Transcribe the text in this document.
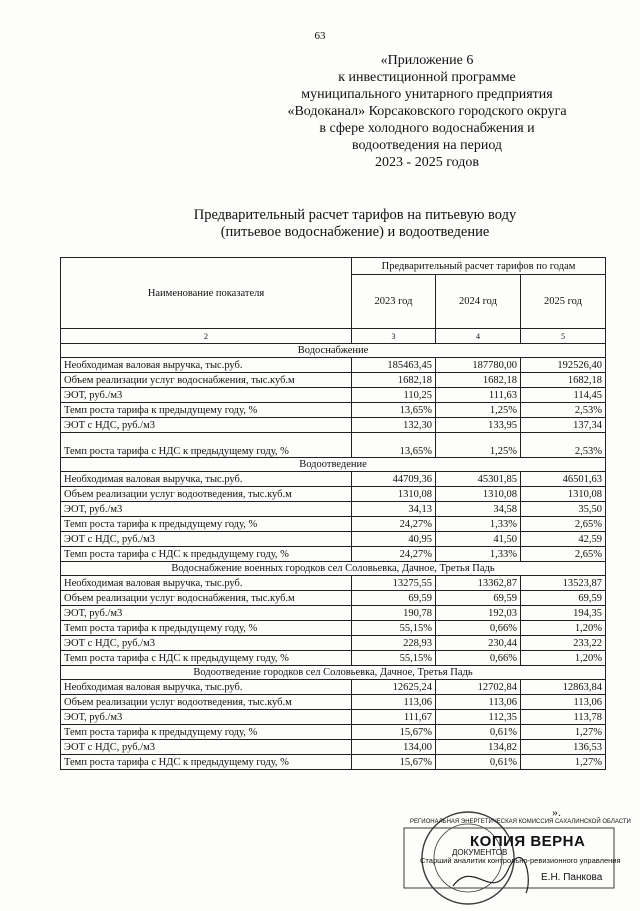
63
«Приложение 6
к инвестиционной программе
муниципального унитарного предприятия
«Водоканал» Корсаковского городского округа
в сфере холодного водоснабжения и
водоотведения на период
2023 - 2025 годов
Предварительный расчет тарифов на питьевую воду
(питьевое водоснабжение) и водоотведение
Наименование показателя	Предварительный расчет тарифов по годам		
	2023 год	2024 год	2025 год
2	3	4	5
Водоснабжение			
Необходимая валовая выручка, тыс.руб.	185463,45	187780,00	192526,40
Объем реализации услуг водоснабжения, тыс.куб.м	1682,18	1682,18	1682,18
ЭОТ, руб./м3	110,25	111,63	114,45
Темп роста тарифа к предыдущему году, %	13,65%	1,25%	2,53%
ЭОТ с НДС, руб./м3	132,30	133,95	137,34
Темп роста тарифа с НДС к предыдущему году, %	13,65%	1,25%	2,53%
Водоотведение			
Необходимая валовая выручка, тыс.руб.	44709,36	45301,85	46501,63
Объем реализации услуг водоотведения, тыс.куб.м	1310,08	1310,08	1310,08
ЭОТ, руб./м3	34,13	34,58	35,50
Темп роста тарифа к предыдущему году, %	24,27%	1,33%	2,65%
ЭОТ с НДС, руб./м3	40,95	41,50	42,59
Темп роста тарифа с НДС к предыдущему году, %	24,27%	1,33%	2,65%
Водоснабжение военных городков сел Соловьевка, Дачное, Третья Падь			
Необходимая валовая выручка, тыс.руб.	13275,55	13362,87	13523,87
Объем реализации услуг водоснабжения, тыс.куб.м	69,59	69,59	69,59
ЭОТ, руб./м3	190,78	192,03	194,35
Темп роста тарифа к предыдущему году, %	55,15%	0,66%	1,20%
ЭОТ с НДС, руб./м3	228,93	230,44	233,22
Темп роста тарифа с НДС к предыдущему году, %	55,15%	0,66%	1,20%
Водоотведение городков сел Соловьевка, Дачное, Третья Падь			
Необходимая валовая выручка, тыс.руб.	12625,24	12702,84	12863,84
Объем реализации услуг водоотведения, тыс.куб.м	113,06	113,06	113,06
ЭОТ, руб./м3	111,67	112,35	113,78
Темп роста тарифа к предыдущему году, %	15,67%	0,61%	1,27%
ЭОТ с НДС, руб./м3	134,00	134,82	136,53
Темп роста тарифа с НДС к предыдущему году, %	15,67%	0,61%	1,27%
».
РЕГИОНАЛЬНАЯ ЭНЕРГЕТИЧЕСКАЯ КОМИССИЯ САХАЛИНСКОЙ ОБЛАСТИ
КОПИЯ ВЕРНА
ДОКУМЕНТОВ
Старший аналитик контрольно-ревизионного управления
Е.Н. Панкова
